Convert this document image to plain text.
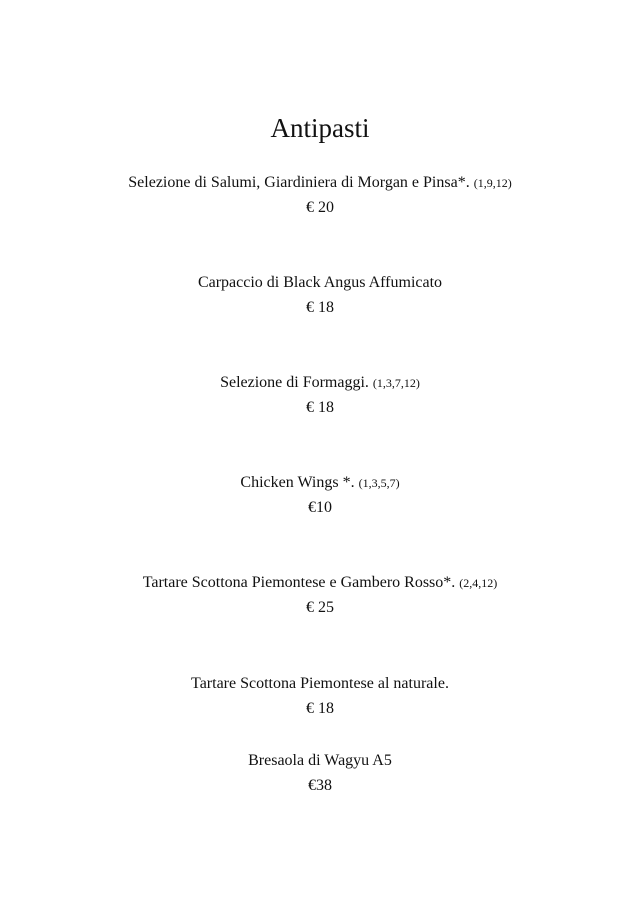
Antipasti
Selezione di Salumi, Giardiniera di Morgan e Pinsa*. (1,9,12)
€ 20
Carpaccio di Black Angus Affumicato
€ 18
Selezione di Formaggi. (1,3,7,12)
€ 18
Chicken Wings *. (1,3,5,7)
€10
Tartare Scottona Piemontese e Gambero Rosso*. (2,4,12)
€ 25
Tartare Scottona Piemontese al naturale.
€ 18
Bresaola di Wagyu A5
€38
